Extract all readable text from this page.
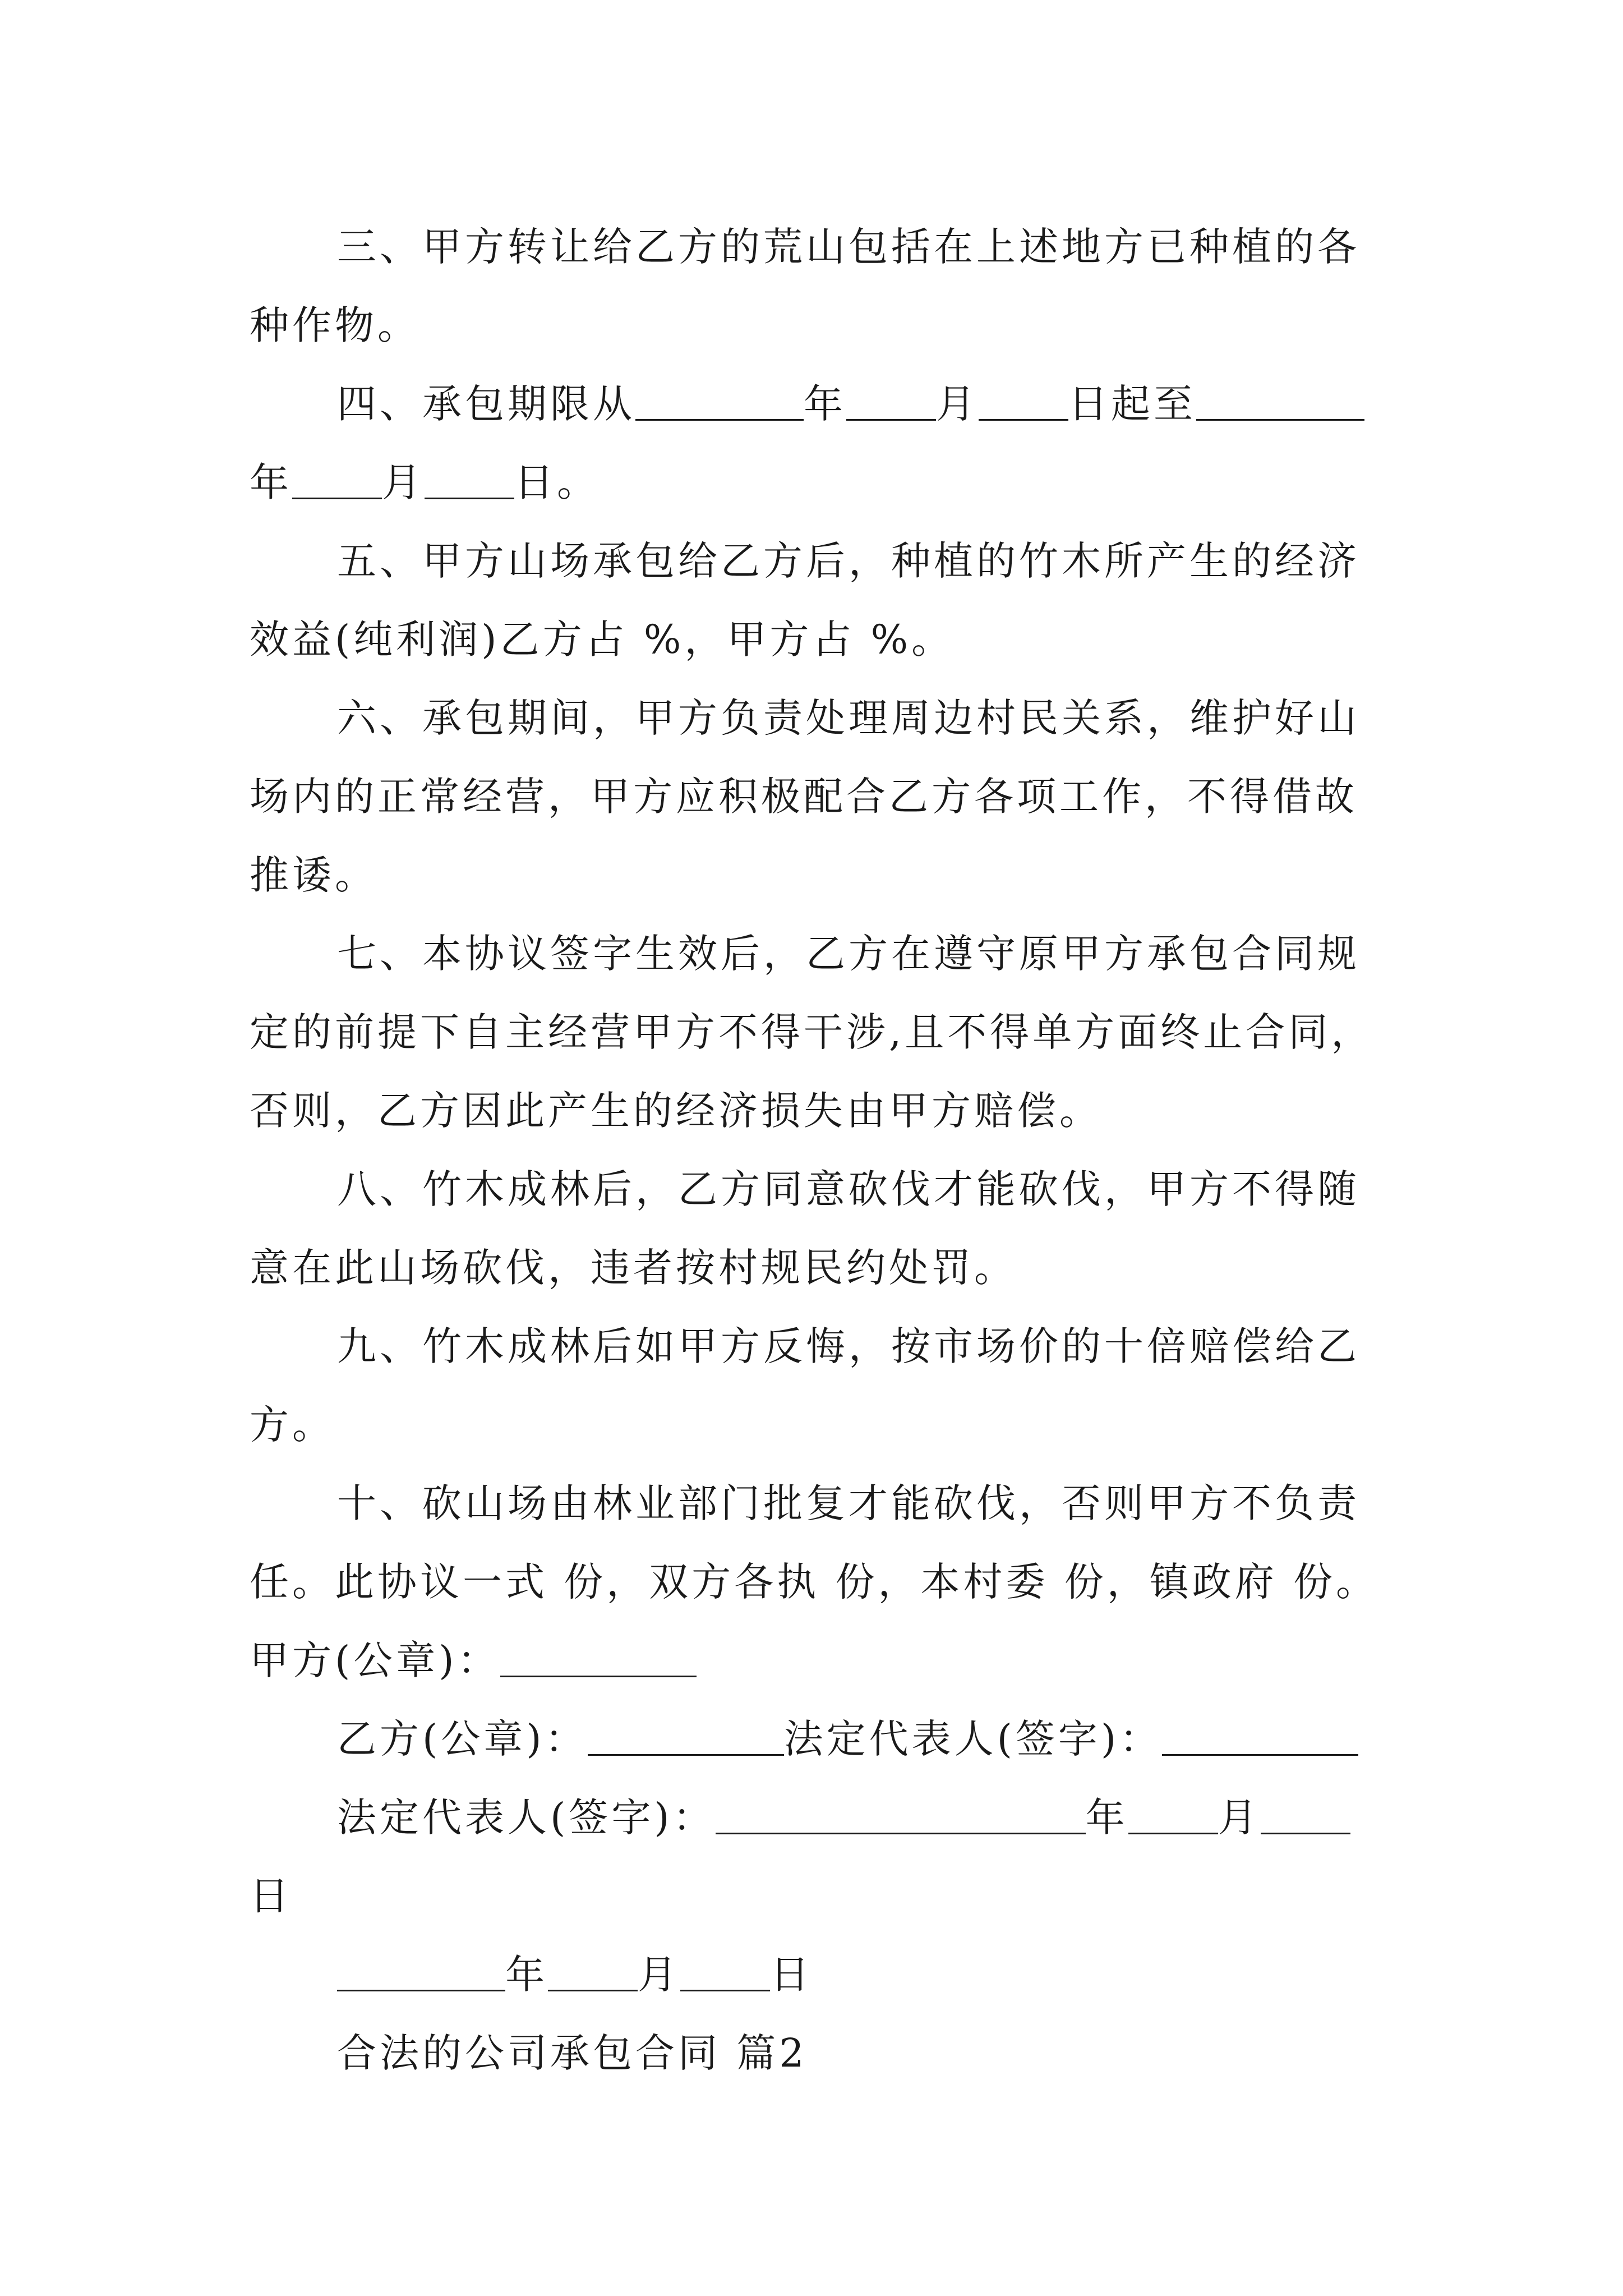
三、甲方转让给乙方的荒山包括在上述地方已种植的各
种作物。
四、承包期限从	年 月 日起至
年 月 日。
五、甲方山场承包给乙方后，种植的竹木所产生的经济
效益(纯利润)乙方占 %，甲方占 %。
六、承包期间，甲方负责处理周边村民关系，维护好山
场内的正常经营，甲方应积极配合乙方各项工作，不得借故
推诿。
七、本协议签字生效后，乙方在遵守原甲方承包合同规
定的前提下自主经营甲方不得干涉,且不得单方面终止合同，
否则，乙方因此产生的经济损失由甲方赔偿。
八、竹木成林后，乙方同意砍伐才能砍伐，甲方不得随
意在此山场砍伐，违者按村规民约处罚。
九、竹木成林后如甲方反悔，按市场价的十倍赔偿给乙
方。
十、砍山场由林业部门批复才能砍伐，否则甲方不负责
任。此协议一式 份，双方各执 份，本村委 份，镇政府 份。
甲方(公章)：
乙方(公章)：	法定代表人(签字)：
法定代表人(签字)：	年 月
日
年 月 日
合法的公司承包合同 篇2
